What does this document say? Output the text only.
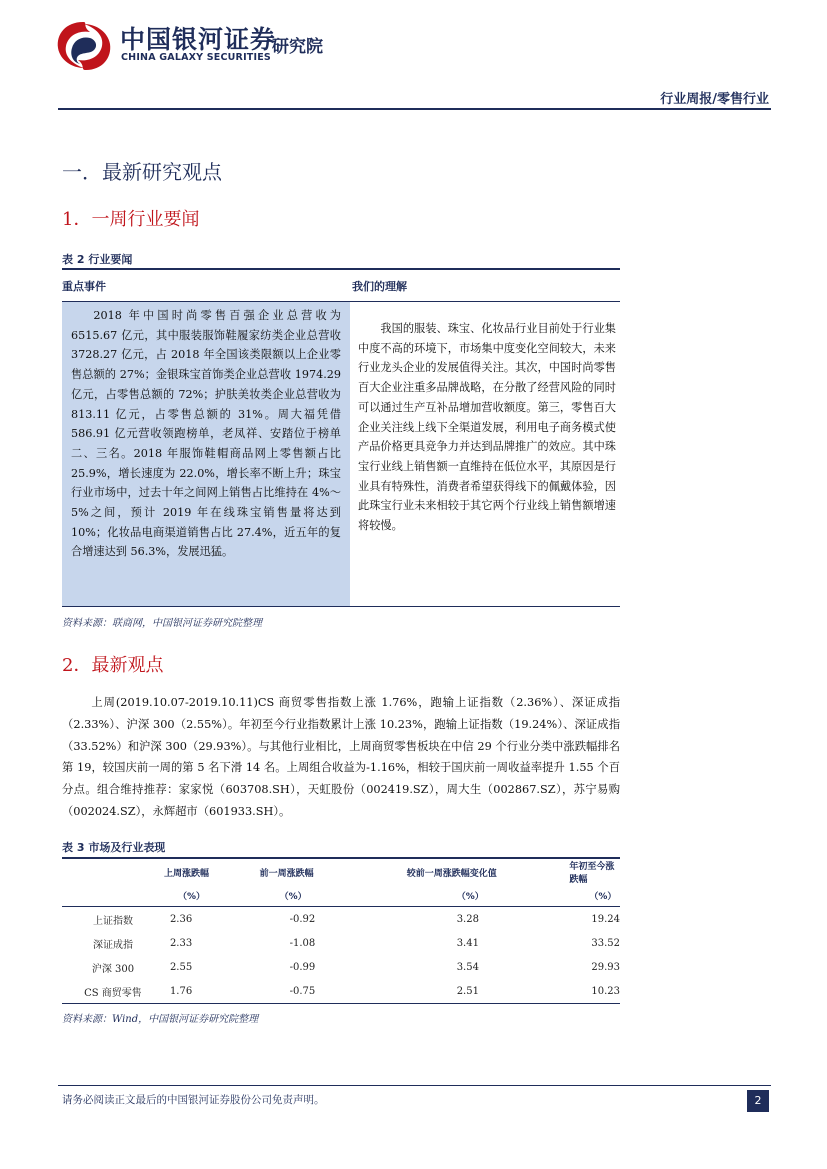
中国银河证券
研究院
CHINA GALAXY SECURITIES
行业周报/零售行业
一．最新研究观点
1．一周行业要闻
表 2 行业要闻
重点事件	我们的理解
2018 年中国时尚零售百强企业总营收为 6515.67 亿元，其中服装服饰鞋履家纺类企业总营收 3728.27 亿元，占 2018 年全国该类限额以上企业零售总额的 27%；金银珠宝首饰类企业总营收 1974.29 亿元，占零售总额的 72%；护肤美妆类企业总营收为 813.11 亿元，占零售总额的 31%。周大福凭借 586.91 亿元营收领跑榜单，老凤祥、安踏位于榜单二、三名。2018 年服饰鞋帽商品网上零售额占比 25.9%，增长速度为 22.0%，增长率不断上升；珠宝行业市场中，过去十年之间网上销售占比维持在 4%～5%之间，预计 2019 年在线珠宝销售量将达到 10%；化妆品电商渠道销售占比 27.4%，近五年的复合增速达到 56.3%，发展迅猛。
我国的服装、珠宝、化妆品行业目前处于行业集中度不高的环境下，市场集中度变化空间较大，未来行业龙头企业的发展值得关注。其次，中国时尚零售百大企业注重多品牌战略，在分散了经营风险的同时可以通过生产互补品增加营收额度。第三，零售百大企业关注线上线下全渠道发展，利用电子商务模式使产品价格更具竞争力并达到品牌推广的效应。其中珠宝行业线上销售额一直维持在低位水平，其原因是行业具有特殊性，消费者希望获得线下的佩戴体验，因此珠宝行业未来相较于其它两个行业线上销售额增速将较慢。
资料来源：联商网，中国银河证券研究院整理
2．最新观点
上周(2019.10.07-2019.10.11)CS 商贸零售指数上涨 1.76%，跑输上证指数（2.36%）、深证成指（2.33%）、沪深 300（2.55%）。年初至今行业指数累计上涨 10.23%，跑输上证指数（19.24%）、深证成指（33.52%）和沪深 300（29.93%）。与其他行业相比，上周商贸零售板块在中信 29 个行业分类中涨跌幅排名第 19，较国庆前一周的第 5 名下滑 14 名。上周组合收益为-1.16%，相较于国庆前一周收益率提升 1.55 个百分点。组合维持推荐：家家悦（603708.SH），天虹股份（002419.SZ），周大生（002867.SZ），苏宁易购（002024.SZ），永辉超市（601933.SH）。
表 3 市场及行业表现
	上周涨跌幅	前一周涨跌幅	较前一周涨跌幅变化值	年初至今涨跌幅
	（%）	（%）	（%）	（%）
上证指数	2.36	-0.92	3.28	19.24
深证成指	2.33	-1.08	3.41	33.52
沪深 300	2.55	-0.99	3.54	29.93
CS 商贸零售	1.76	-0.75	2.51	10.23
资料来源：Wind，中国银河证券研究院整理
请务必阅读正文最后的中国银河证券股份公司免责声明。	2
